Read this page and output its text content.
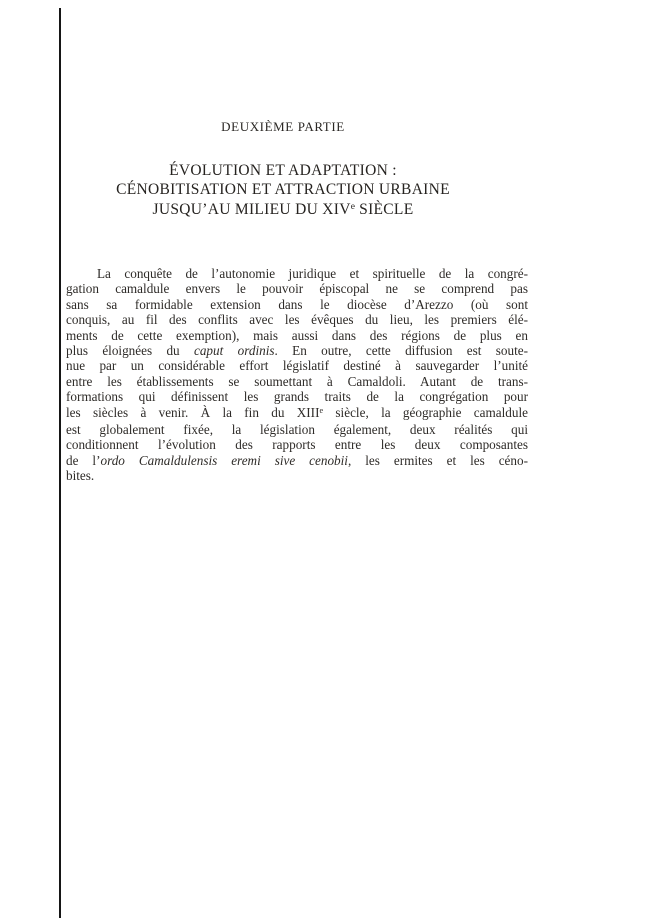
DEUXIÈME PARTIE
ÉVOLUTION ET ADAPTATION :
CÉNOBITISATION ET ATTRACTION URBAINE
JUSQU’AU MILIEU DU XIVe SIÈCLE
La conquête de l’autonomie juridique et spirituelle de la congré-
gation camaldule envers le pouvoir épiscopal ne se comprend pas
sans sa formidable extension dans le diocèse d’Arezzo (où sont
conquis, au fil des conflits avec les évêques du lieu, les premiers élé-
ments de cette exemption), mais aussi dans des régions de plus en
plus éloignées du caput ordinis. En outre, cette diffusion est soute-
nue par un considérable effort législatif destiné à sauvegarder l’unité
entre les établissements se soumettant à Camaldoli. Autant de trans-
formations qui définissent les grands traits de la congrégation pour
les siècles à venir. À la fin du XIIIe siècle, la géographie camaldule
est globalement fixée, la législation également, deux réalités qui
conditionnent l’évolution des rapports entre les deux composantes
de l’ordo Camaldulensis eremi sive cenobii, les ermites et les céno-
bites.
